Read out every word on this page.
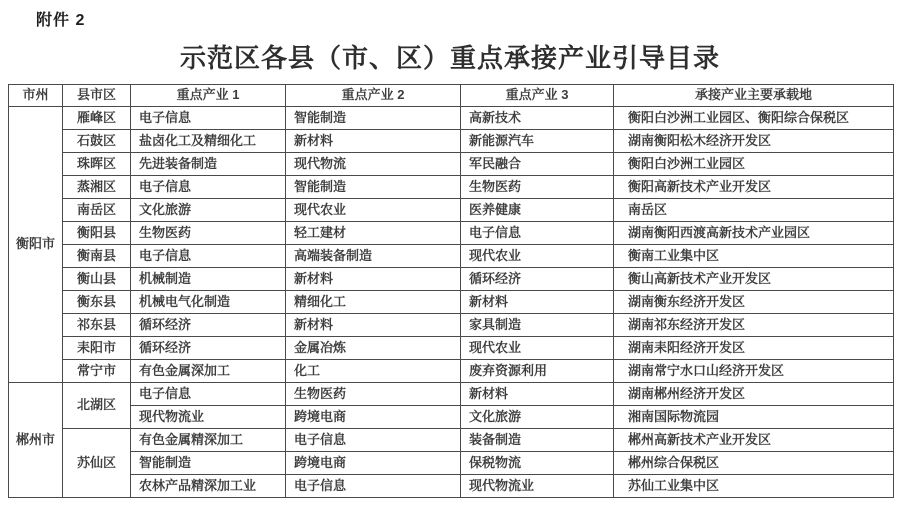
附件 2
示范区各县（市、区）重点承接产业引导目录
市州	县市区	重点产业 1	重点产业 2	重点产业 3	承接产业主要承载地
衡阳市	雁峰区	电子信息	智能制造	高新技术	衡阳白沙洲工业园区、衡阳综合保税区
	石鼓区	盐卤化工及精细化工	新材料	新能源汽车	湖南衡阳松木经济开发区
	珠晖区	先进装备制造	现代物流	军民融合	衡阳白沙洲工业园区
	蒸湘区	电子信息	智能制造	生物医药	衡阳高新技术产业开发区
	南岳区	文化旅游	现代农业	医养健康	南岳区
	衡阳县	生物医药	轻工建材	电子信息	湖南衡阳西渡高新技术产业园区
	衡南县	电子信息	高端装备制造	现代农业	衡南工业集中区
	衡山县	机械制造	新材料	循环经济	衡山高新技术产业开发区
	衡东县	机械电气化制造	精细化工	新材料	湖南衡东经济开发区
	祁东县	循环经济	新材料	家具制造	湖南祁东经济开发区
	耒阳市	循环经济	金属冶炼	现代农业	湖南耒阳经济开发区
	常宁市	有色金属深加工	化工	废弃资源利用	湖南常宁水口山经济开发区
郴州市	北湖区	电子信息	生物医药	新材料	湖南郴州经济开发区
		现代物流业	跨境电商	文化旅游	湘南国际物流园
	苏仙区	有色金属精深加工	电子信息	装备制造	郴州高新技术产业开发区
		智能制造	跨境电商	保税物流	郴州综合保税区
		农林产品精深加工业	电子信息	现代物流业	苏仙工业集中区
